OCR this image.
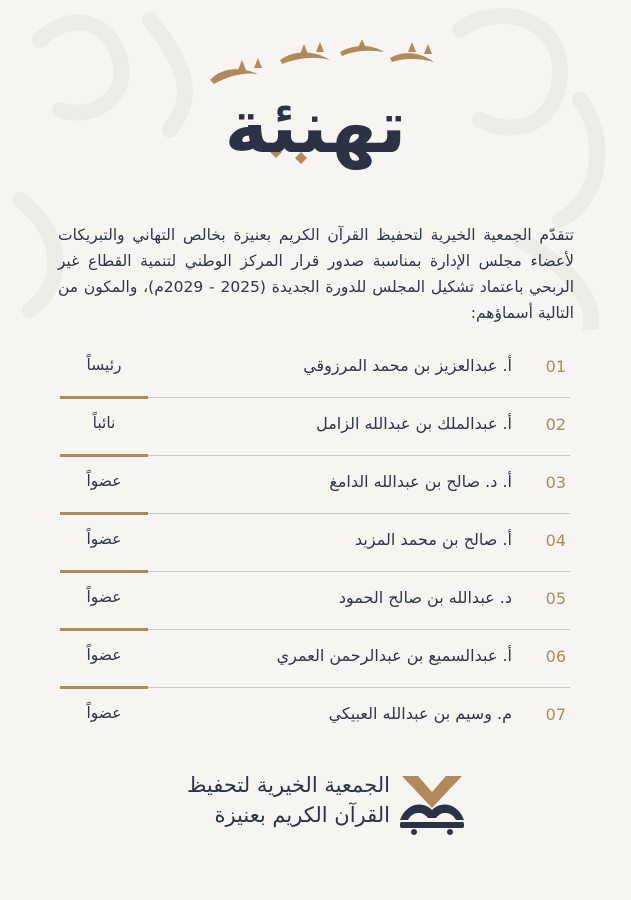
تهنئة

تتقدّم الجمعية الخيرية لتحفيظ القرآن الكريم بعنيزة بخالص التهاني والتبريكات لأعضاء مجلس الإدارة بمناسبة صدور قرار المركز الوطني لتنمية القطاع غير الربحي باعتماد تشكيل المجلس للدورة الجديدة (2025 - 2029م)، والمكون من التالية أسماؤهم:

01
أ. عبدالعزيز بن محمد المرزوقي
رئيساً
02
أ. عبدالملك بن عبدالله الزامل
نائباً
03
أ. د. صالح بن عبدالله الدامغ
عضواً
04
أ. صالح بن محمد المزيد
عضواً
05
د. عبدالله بن صالح الحمود
عضواً
06
أ. عبدالسميع بن عبدالرحمن العمري
عضواً
07
م. وسيم بن عبدالله العبيكي
عضواً
الجمعية الخيرية لتحفيظ
القرآن الكريم بعنيزة
